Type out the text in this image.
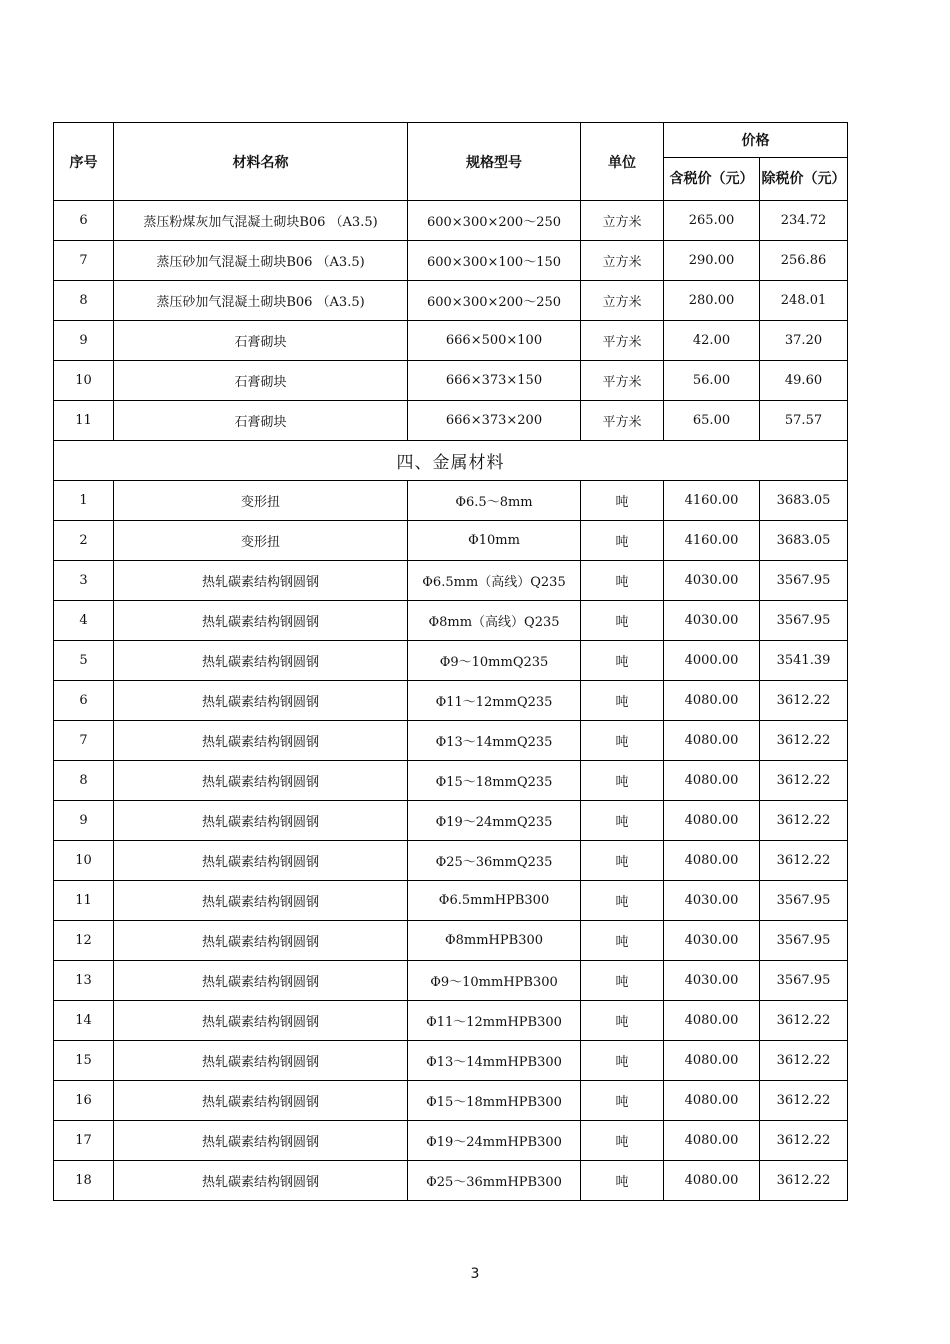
序号	材料名称	规格型号	单位	价格	
				含税价（元）	除税价（元）
6	蒸压粉煤灰加气混凝土砌块B06 （A3.5)	600×300×200～250	立方米	265.00	234.72
7	蒸压砂加气混凝土砌块B06 （A3.5)	600×300×100～150	立方米	290.00	256.86
8	蒸压砂加气混凝土砌块B06 （A3.5)	600×300×200～250	立方米	280.00	248.01
9	石膏砌块	666×500×100	平方米	42.00	37.20
10	石膏砌块	666×373×150	平方米	56.00	49.60
11	石膏砌块	666×373×200	平方米	65.00	57.57
四、金属材料					
1	变形扭	Φ6.5～8mm	吨	4160.00	3683.05
2	变形扭	Φ10mm	吨	4160.00	3683.05
3	热轧碳素结构钢圆钢	Φ6.5mm（高线）Q235	吨	4030.00	3567.95
4	热轧碳素结构钢圆钢	Φ8mm（高线）Q235	吨	4030.00	3567.95
5	热轧碳素结构钢圆钢	Φ9～10mmQ235	吨	4000.00	3541.39
6	热轧碳素结构钢圆钢	Φ11～12mmQ235	吨	4080.00	3612.22
7	热轧碳素结构钢圆钢	Φ13～14mmQ235	吨	4080.00	3612.22
8	热轧碳素结构钢圆钢	Φ15～18mmQ235	吨	4080.00	3612.22
9	热轧碳素结构钢圆钢	Φ19～24mmQ235	吨	4080.00	3612.22
10	热轧碳素结构钢圆钢	Φ25～36mmQ235	吨	4080.00	3612.22
11	热轧碳素结构钢圆钢	Φ6.5mmHPB300	吨	4030.00	3567.95
12	热轧碳素结构钢圆钢	Φ8mmHPB300	吨	4030.00	3567.95
13	热轧碳素结构钢圆钢	Φ9～10mmHPB300	吨	4030.00	3567.95
14	热轧碳素结构钢圆钢	Φ11～12mmHPB300	吨	4080.00	3612.22
15	热轧碳素结构钢圆钢	Φ13～14mmHPB300	吨	4080.00	3612.22
16	热轧碳素结构钢圆钢	Φ15～18mmHPB300	吨	4080.00	3612.22
17	热轧碳素结构钢圆钢	Φ19～24mmHPB300	吨	4080.00	3612.22
18	热轧碳素结构钢圆钢	Φ25～36mmHPB300	吨	4080.00	3612.22
3
